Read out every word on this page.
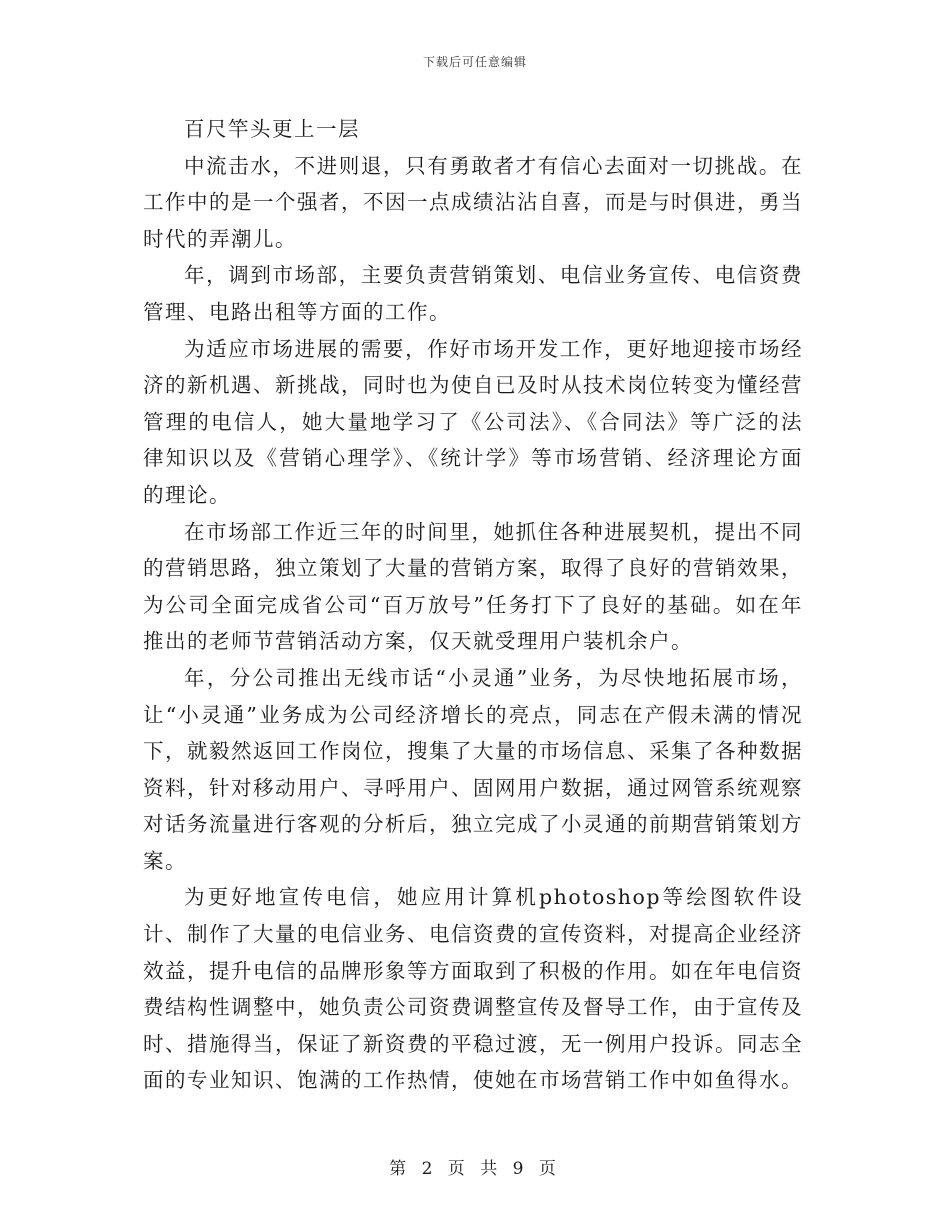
下载后可任意编辑

百尺竿头更上一层

中流击水，不进则退，只有勇敢者才有信心去面对一切挑战。在工作中的是一个强者，不因一点成绩沾沾自喜，而是与时俱进，勇当时代的弄潮儿。

年，调到市场部，主要负责营销策划、电信业务宣传、电信资费管理、电路出租等方面的工作。

为适应市场进展的需要，作好市场开发工作，更好地迎接市场经济的新机遇、新挑战，同时也为使自已及时从技术岗位转变为懂经营管理的电信人，她大量地学习了《公司法》、《合同法》等广泛的法律知识以及《营销心理学》、《统计学》等市场营销、经济理论方面的理论。

在市场部工作近三年的时间里，她抓住各种进展契机，提出不同的营销思路，独立策划了大量的营销方案，取得了良好的营销效果，为公司全面完成省公司“百万放号”任务打下了良好的基础。如在年推出的老师节营销活动方案，仅天就受理用户装机余户。

年，分公司推出无线市话“小灵通”业务，为尽快地拓展市场，让“小灵通”业务成为公司经济增长的亮点，同志在产假未满的情况下，就毅然返回工作岗位，搜集了大量的市场信息、采集了各种数据资料，针对移动用户、寻呼用户、固网用户数据，通过网管系统观察对话务流量进行客观的分析后，独立完成了小灵通的前期营销策划方案。

为更好地宣传电信，她应用计算机photoshop等绘图软件设计、制作了大量的电信业务、电信资费的宣传资料，对提高企业经济效益，提升电信的品牌形象等方面取到了积极的作用。如在年电信资费结构性调整中，她负责公司资费调整宣传及督导工作，由于宣传及时、措施得当，保证了新资费的平稳过渡，无一例用户投诉。同志全面的专业知识、饱满的工作热情，使她在市场营销工作中如鱼得水。

第 2 页 共 9 页
